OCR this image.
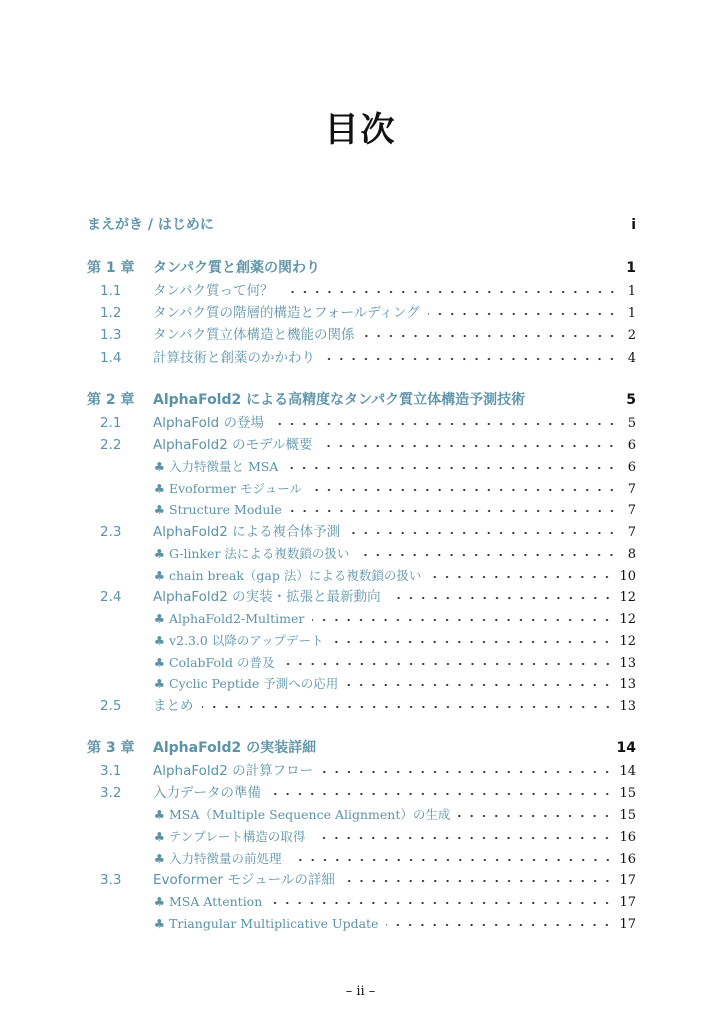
目次
まえがき / はじめに	i
第 1 章	タンパク質と創薬の関わり	1
1.1	タンパク質って何？	1
1.2	タンパク質の階層的構造とフォールディング	1
1.3	タンパク質立体構造と機能の関係	2
1.4	計算技術と創薬のかかわり	4
第 2 章	AlphaFold2 による高精度なタンパク質立体構造予測技術	5
2.1	AlphaFold の登場	5
2.2	AlphaFold2 のモデル概要	6
♣ 入力特徴量と MSA	6
♣ Evoformer モジュール	7
♣ Structure Module	7
2.3	AlphaFold2 による複合体予測	7
♣ G-linker 法による複数鎖の扱い	8
♣ chain break（gap 法）による複数鎖の扱い	10
2.4	AlphaFold2 の実装・拡張と最新動向	12
♣ AlphaFold2-Multimer	12
♣ v2.3.0 以降のアップデート	12
♣ ColabFold の普及	13
♣ Cyclic Peptide 予測への応用	13
2.5	まとめ	13
第 3 章	AlphaFold2 の実装詳細	14
3.1	AlphaFold2 の計算フロー	14
3.2	入力データの準備	15
♣ MSA（Multiple Sequence Alignment）の生成	15
♣ テンプレート構造の取得	16
♣ 入力特徴量の前処理	16
3.3	Evoformer モジュールの詳細	17
♣ MSA Attention	17
♣ Triangular Multiplicative Update	17
– ii –
